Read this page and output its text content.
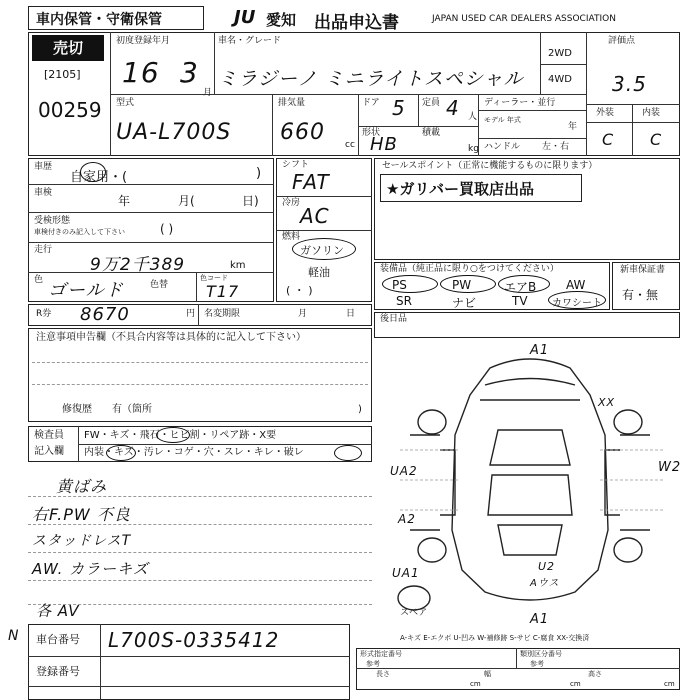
車内保管・守衛保管	JU 愛知 出品申込書	JAPAN USED CAR DEALERS ASSOCIATION
売切
[2105]
00259
初度登録年月
16 3
月
車名・グレード
ミラジーノ ミニライトスペシャル
2WD
4WD
評価点
3.5
外装	内装
C C
型式
UA-L700S
排気量
660 cc
ドア 5 定員 4 人
形状
HB
積載
kg
ディーラー・並行
モデル 年式
年
ハンドル 左・右
車歴
自家用・(	)
車検
年	月(	日)
受検形態
車検付きのみ記入して下さい	( )
走行
9万2千389	km
色 ゴールド	色替
色コード
T17
シフト
FAT
冷房
AC
燃料
ガソリン
軽油
( ・ )
セールスポイント（正常に機能するものに限ります）
★ガリバー買取店出品
装備品（純正品に限り○をつけてください）
PS	PW	エアB AW
SR	ナビ	TV カワシート
新車保証書
有・無
R券 8670	円 名変期限	月	日
注意事項申告欄（不具合内容等は具体的に記入して下さい）
修復歴 有（箇所	)
後日品
検査員
記入欄
FW・キズ・飛石・ヒビ割・リペア跡・X要
内装・キズ・汚レ・コゲ・穴・スレ・キレ・破レ
黄ばみ
右F.PW 不良
スタッドレスT
AW. カラーキズ
各 AV
A1
XX
W2
UA2
A2
UA1	U2
Aウス
A1
スペア
A-キズ E-エクボ U-凹み W-補修跡 S-サビ C-腐食 XX-交換済
N 車台番号 L700S-0335412
登録番号
形式指定番号
参考
類別区分番号
参考
長さ
cm
幅
cm
高さ
cm
